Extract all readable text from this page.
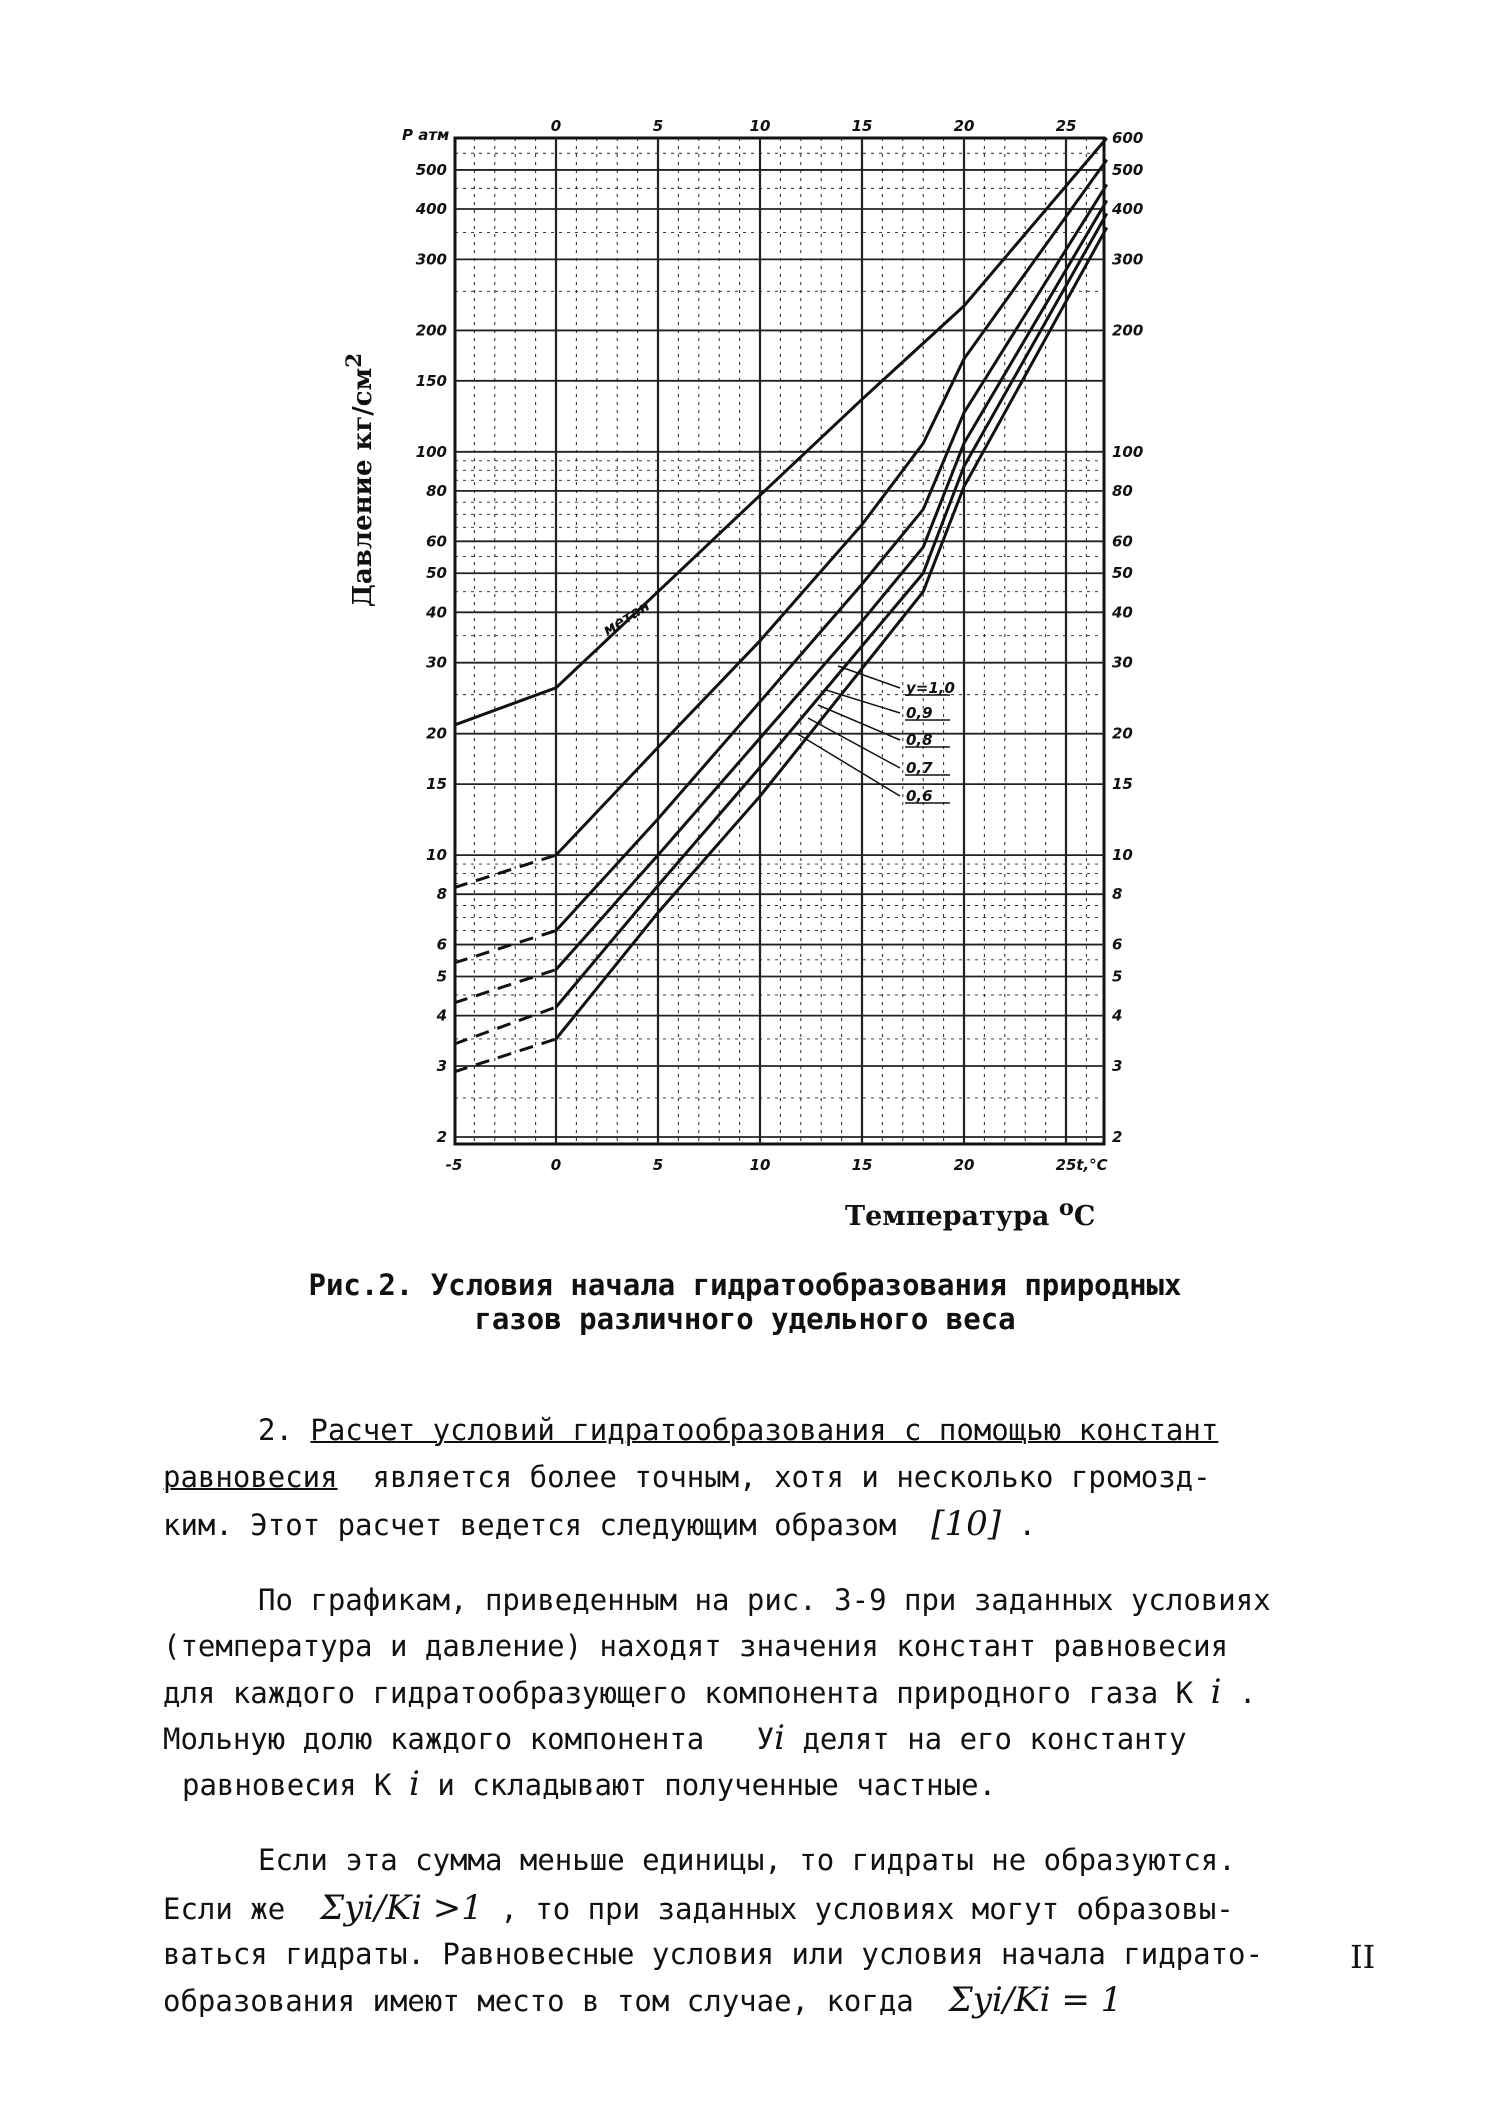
-5	0	5	10	15	20	25 t,°C
0	5	10	15	20	25
P атм
500
400
300
200
150
100
80
60
50
40
30
20
15
10
8
6
5
4
3
2
600
500
400
300
200
100
80
60
50
40
30
20
15
10
8
6
5
4
3
2
метан
y=1,0
0,9
0,8
0,7
0,6
Давление $кг/см^2$
Температура $^o$C
Рис.2. Условия начала гидратообразования природных
газов различного удельного веса
2. Расчет условий гидратообразования с помощью констант
равновесия  является более точным, хотя и несколько громозд-
ким. Этот расчет ведется следующим образом [10] .
По графикам, приведенным на рис. 3-9 при заданных условиях
(температура и давление) находят значения констант равновесия
для каждого гидратообразующего компонента природного газа К i .
Мольную долю каждого компонента Уi делят на его константу
равновесия К i и складывают полученные частные.
Если эта сумма меньше единицы, то гидраты не образуются.
Если же Σyi/Ki >1 , то при заданных условиях могут образовы-
ваться гидраты. Равновесные условия или условия начала гидрато-
образования имеют место в том случае, когда Σyi/Ki = 1
II
